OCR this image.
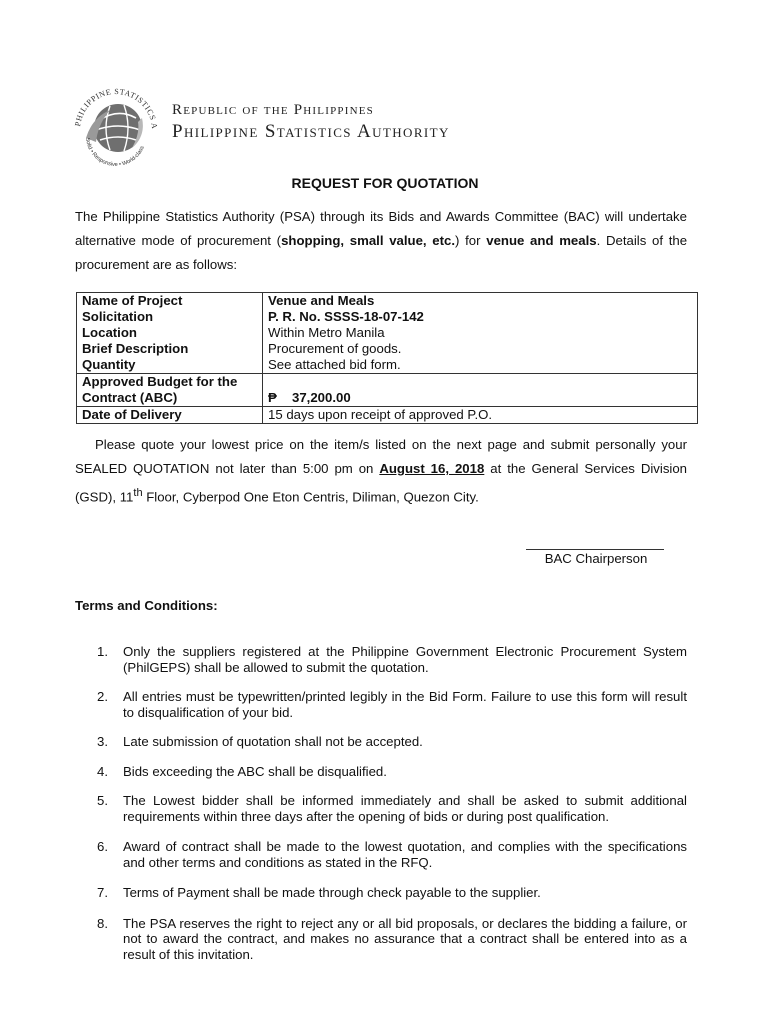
PHILIPPINE STATISTICS A
Solid • Responsive • World-class
Republic of the Philippines
Philippine Statistics Authority
REQUEST FOR QUOTATION

The Philippine Statistics Authority (PSA) through its Bids and Awards Committee (BAC) will undertake alternative mode of procurement (shopping, small value, etc.) for venue and meals. Details of the procurement are as follows:

Name of Project	Venue and Meals
Solicitation	P. R. No. SSSS-18-07-142
Location	Within Metro Manila
Brief Description	Procurement of goods.
Quantity	See attached bid form.
Approved Budget for the Contract (ABC)	₱ 37,200.00
Date of Delivery	15 days upon receipt of approved P.O.

Please quote your lowest price on the item/s listed on the next page and submit personally your SEALED QUOTATION not later than 5:00 pm on August 16, 2018 at the General Services Division (GSD), 11th Floor, Cyberpod One Eton Centris, Diliman, Quezon City.

BAC Chairperson
Terms and Conditions:
1. Only the suppliers registered at the Philippine Government Electronic Procurement System (PhilGEPS) shall be allowed to submit the quotation.
2. All entries must be typewritten/printed legibly in the Bid Form. Failure to use this form will result to disqualification of your bid.
3. Late submission of quotation shall not be accepted.
4. Bids exceeding the ABC shall be disqualified.
5. The Lowest bidder shall be informed immediately and shall be asked to submit additional requirements within three days after the opening of bids or during post qualification.
6. Award of contract shall be made to the lowest quotation, and complies with the specifications and other terms and conditions as stated in the RFQ.
7. Terms of Payment shall be made through check payable to the supplier.
8. The PSA reserves the right to reject any or all bid proposals, or declares the bidding a failure, or not to award the contract, and makes no assurance that a contract shall be entered into as a result of this invitation.
